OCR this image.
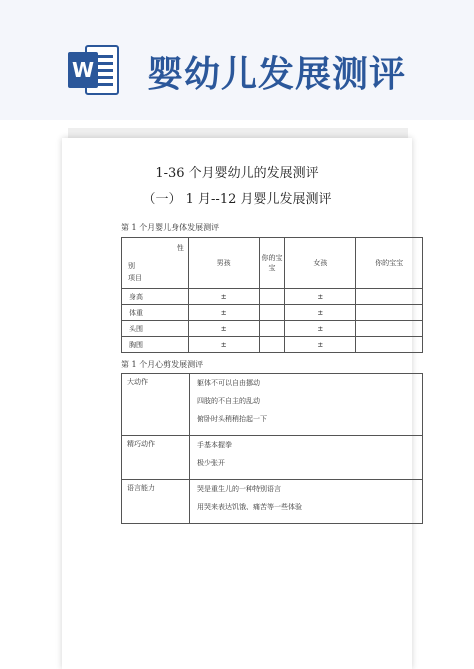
W 婴幼儿发展测评
1-36 个月婴幼儿的发展测评
（一） 1 月--12 月婴儿发展测评
第 1 个月婴儿身体发展测评
性
别
项目	男孩	你的宝宝	女孩	你的宝宝
身高	±		±	
体重	±		±	
头围	±		±	
胸围	±		±	
第 1 个月心剪发展测评
大动作	躯体不可以自由挪动
四肢的不自主的乱动
俯卧时头稍稍抬起一下

精巧动作	手基本握拳
极少张开

语言能力	哭是重生儿的一种特别语言
用哭来表达饥饿、痛苦等一些体验
